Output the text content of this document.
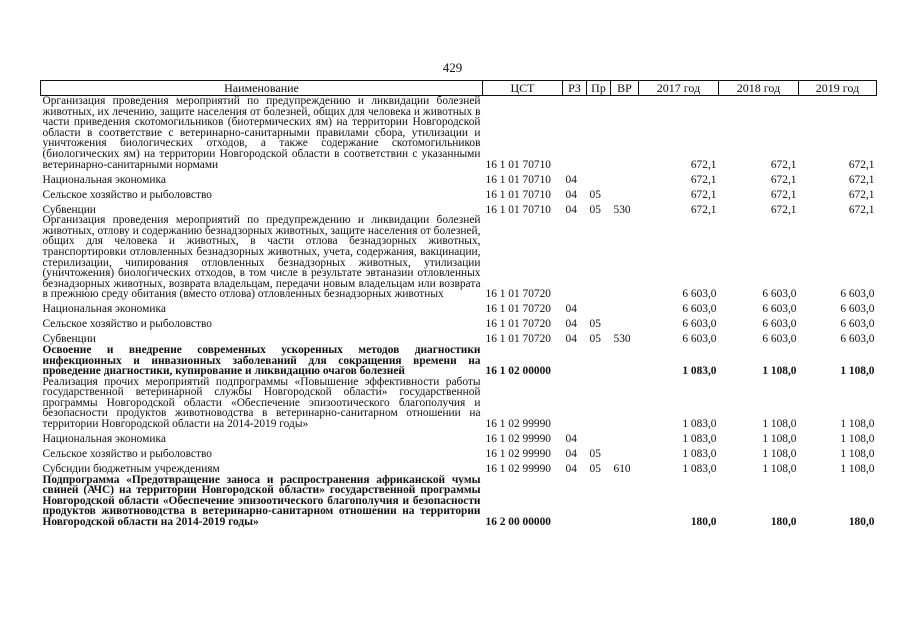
429
Наименование	ЦСТ	РЗ	Пр	ВР	2017 год	2018 год	2019 год
Организация проведения мероприятий по предупреждению и ликвидации болезней животных, их лечению, защите населения от болезней, общих для человека и животных в части приведения скотомогильников (биотермических ям) на территории Новгородской области в соответствие с ветеринарно-санитарными правилами сбора, утилизации и уничтожения биологических отходов, а также содержание скотомогильников (биологических ям) на территории Новгородской области в соответствии с указанными ветеринарно-санитарными нормами	16 1 01 70710				672,1	672,1	672,1
Национальная экономика	16 1 01 70710	04			672,1	672,1	672,1
Сельское хозяйство и рыболовство	16 1 01 70710	04	05		672,1	672,1	672,1
Субвенции	16 1 01 70710	04	05	530	672,1	672,1	672,1
Организация проведения мероприятий по предупреждению и ликвидации болезней животных, отлову и содержанию безнадзорных животных, защите населения от болезней, общих для человека и животных, в части отлова безнадзорных животных, транспортировки отловленных безнадзорных животных, учета, содержания, вакцинации, стерилизации, чипирования отловленных безнадзорных животных, утилизации (уничтожения) биологических отходов, в том числе в результате эвтаназии отловленных безнадзорных животных, возврата владельцам, передачи новым владельцам или возврата в прежнюю среду обитания (вместо отлова) отловленных безнадзорных животных	16 1 01 70720				6 603,0	6 603,0	6 603,0
Национальная экономика	16 1 01 70720	04			6 603,0	6 603,0	6 603,0
Сельское хозяйство и рыболовство	16 1 01 70720	04	05		6 603,0	6 603,0	6 603,0
Субвенции	16 1 01 70720	04	05	530	6 603,0	6 603,0	6 603,0
Освоение и внедрение современных ускоренных методов диагностики инфекционных и инвазионных заболеваний для сокращения времени на проведение диагностики, купирование и ликвидацию очагов болезней	16 1 02 00000				1 083,0	1 108,0	1 108,0
Реализация прочих мероприятий подпрограммы «Повышение эффективности работы государственной ветеринарной службы Новгородской области» государственной программы Новгородской области «Обеспечение эпизоотического благополучия и безопасности продуктов животноводства в ветеринарно-санитарном отношении на территории Новгородской области на 2014-2019 годы»	16 1 02 99990				1 083,0	1 108,0	1 108,0
Национальная экономика	16 1 02 99990	04			1 083,0	1 108,0	1 108,0
Сельское хозяйство и рыболовство	16 1 02 99990	04	05		1 083,0	1 108,0	1 108,0
Субсидии бюджетным учреждениям	16 1 02 99990	04	05	610	1 083,0	1 108,0	1 108,0
Подпрограмма «Предотвращение заноса и распространения африканской чумы свиней (АЧС) на территории Новгородской области» государственной программы Новгородской области «Обеспечение эпизоотического благополучия и безопасности продуктов животноводства в ветеринарно-санитарном отношении на территории Новгородской области на 2014-2019 годы»	16 2 00 00000				180,0	180,0	180,0
